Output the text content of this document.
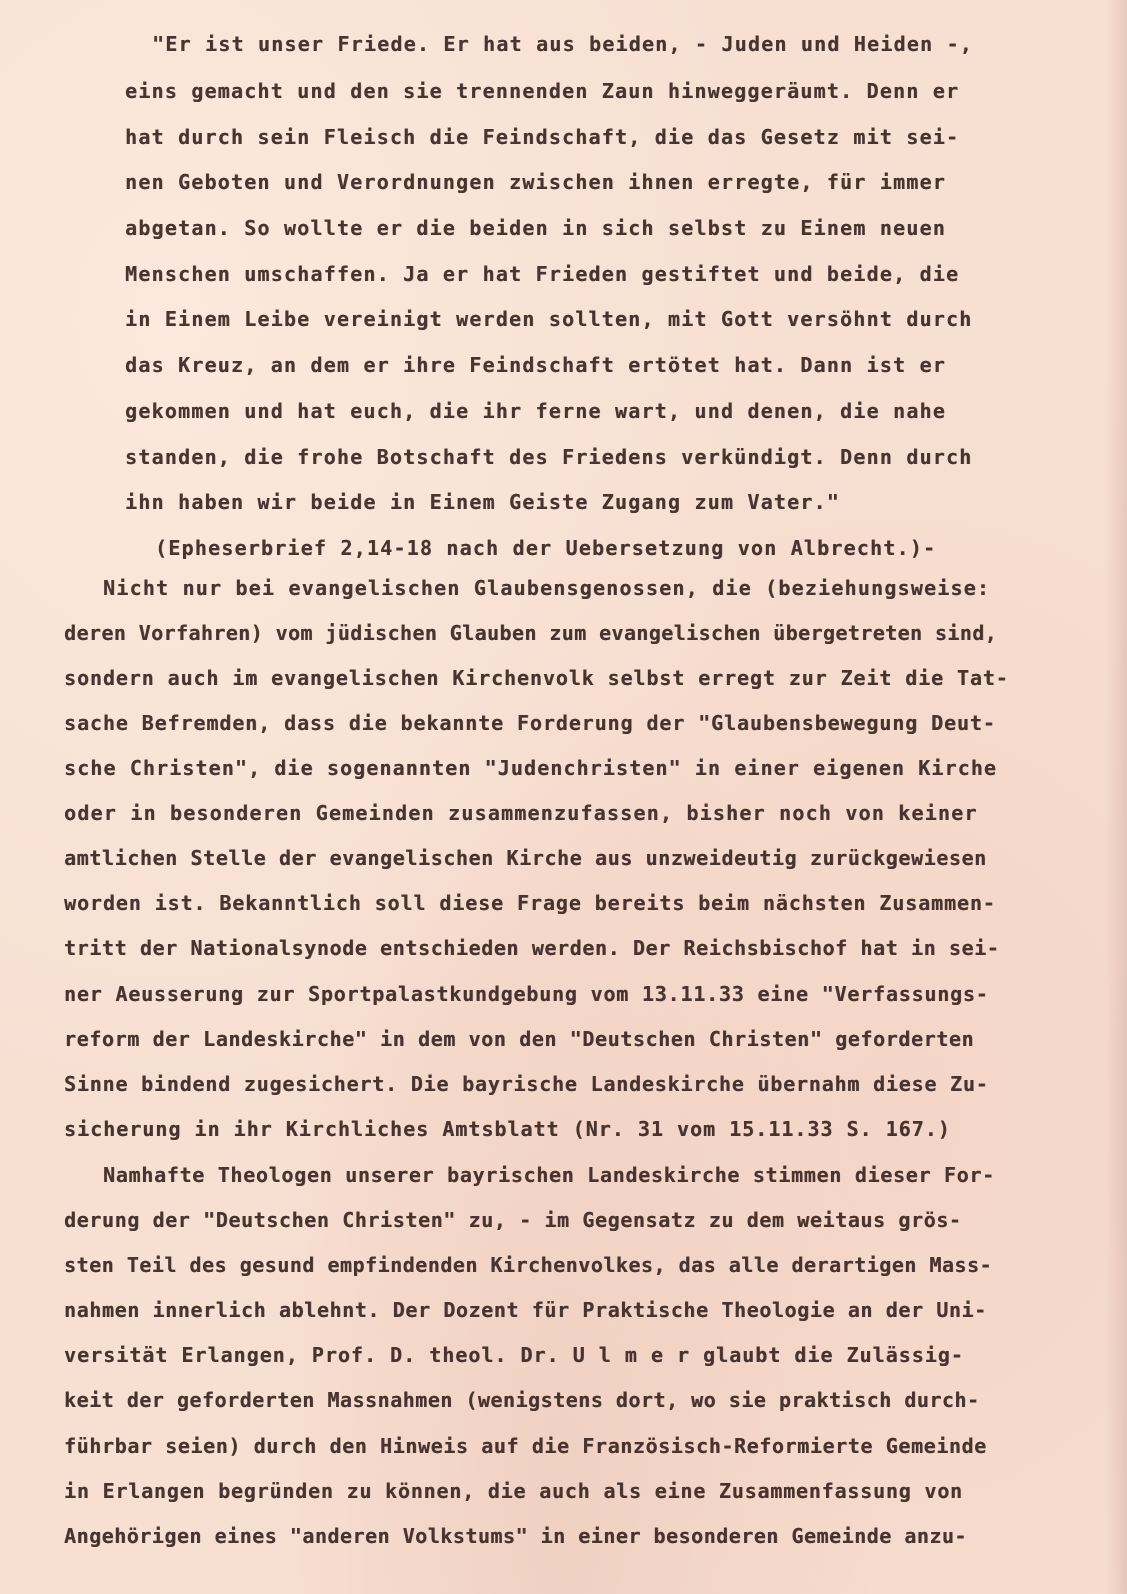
"Er ist unser Friede. Er hat aus beiden, - Juden und Heiden -,

eins gemacht und den sie trennenden Zaun hinweggeräumt. Denn er

hat durch sein Fleisch die Feindschaft, die das Gesetz mit sei-

nen Geboten und Verordnungen zwischen ihnen erregte, für immer

abgetan. So wollte er die beiden in sich selbst zu Einem neuen

Menschen umschaffen. Ja er hat Frieden gestiftet und beide, die

in Einem Leibe vereinigt werden sollten, mit Gott versöhnt durch

das Kreuz, an dem er ihre Feindschaft ertötet hat. Dann ist er

gekommen und hat euch, die ihr ferne wart, und denen, die nahe

standen, die frohe Botschaft des Friedens verkündigt. Denn durch

ihn haben wir beide in Einem Geiste Zugang zum Vater."

(Epheserbrief 2,14-18 nach der Uebersetzung von Albrecht.)-

Nicht nur bei evangelischen Glaubensgenossen, die (beziehungsweise:

deren Vorfahren) vom jüdischen Glauben zum evangelischen übergetreten sind,

sondern auch im evangelischen Kirchenvolk selbst erregt zur Zeit die Tat-

sache Befremden, dass die bekannte Forderung der "Glaubensbewegung Deut-

sche Christen", die sogenannten "Judenchristen" in einer eigenen Kirche

oder in besonderen Gemeinden zusammenzufassen, bisher noch von keiner

amtlichen Stelle der evangelischen Kirche aus unzweideutig zurückgewiesen

worden ist. Bekanntlich soll diese Frage bereits beim nächsten Zusammen-

tritt der Nationalsynode entschieden werden. Der Reichsbischof hat in sei-

ner Aeusserung zur Sportpalastkundgebung vom 13.11.33 eine "Verfassungs-

reform der Landeskirche" in dem von den "Deutschen Christen" geforderten

Sinne bindend zugesichert. Die bayrische Landeskirche übernahm diese Zu-

sicherung in ihr Kirchliches Amtsblatt (Nr. 31 vom 15.11.33 S. 167.)

Namhafte Theologen unserer bayrischen Landeskirche stimmen dieser For-

derung der "Deutschen Christen" zu, - im Gegensatz zu dem weitaus grös-

sten Teil des gesund empfindenden Kirchenvolkes, das alle derartigen Mass-

nahmen innerlich ablehnt. Der Dozent für Praktische Theologie an der Uni-

versität Erlangen, Prof. D. theol. Dr. U l m e r glaubt die Zulässig-

keit der geforderten Massnahmen (wenigstens dort, wo sie praktisch durch-

führbar seien) durch den Hinweis auf die Französisch-Reformierte Gemeinde

in Erlangen begründen zu können, die auch als eine Zusammenfassung von

Angehörigen eines "anderen Volkstums" in einer besonderen Gemeinde anzu-
